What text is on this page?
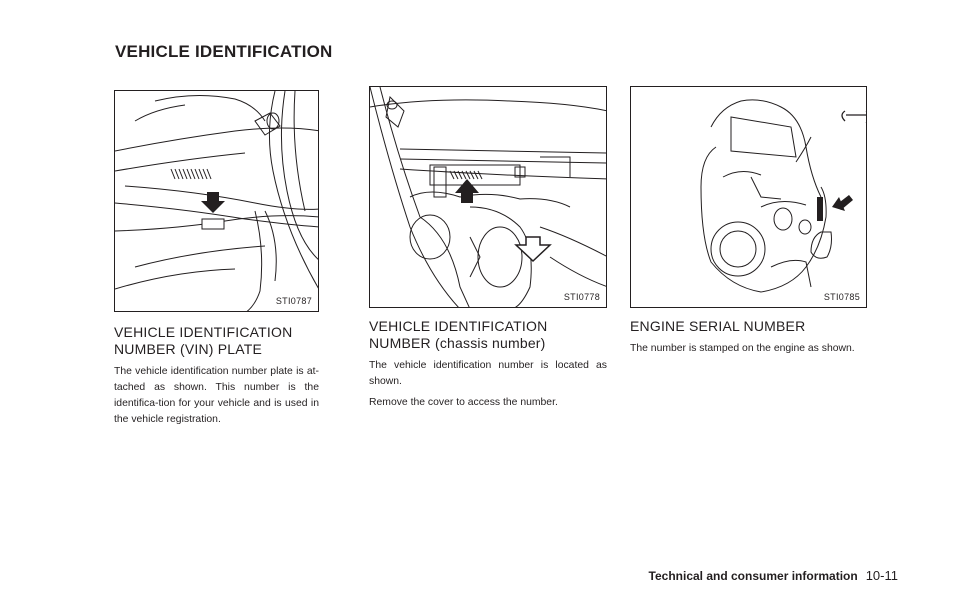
VEHICLE IDENTIFICATION
STI0787
VEHICLE IDENTIFICATION NUMBER (VIN) PLATE

The vehicle identification number plate is at-tached as shown. This number is the identifica-tion for your vehicle and is used in the vehicle registration.

STI0778
VEHICLE IDENTIFICATION NUMBER (chassis number)

The vehicle identification number is located as shown.

Remove the cover to access the number.

STI0785
ENGINE SERIAL NUMBER

The number is stamped on the engine as shown.

Technical and consumer information 10-11
